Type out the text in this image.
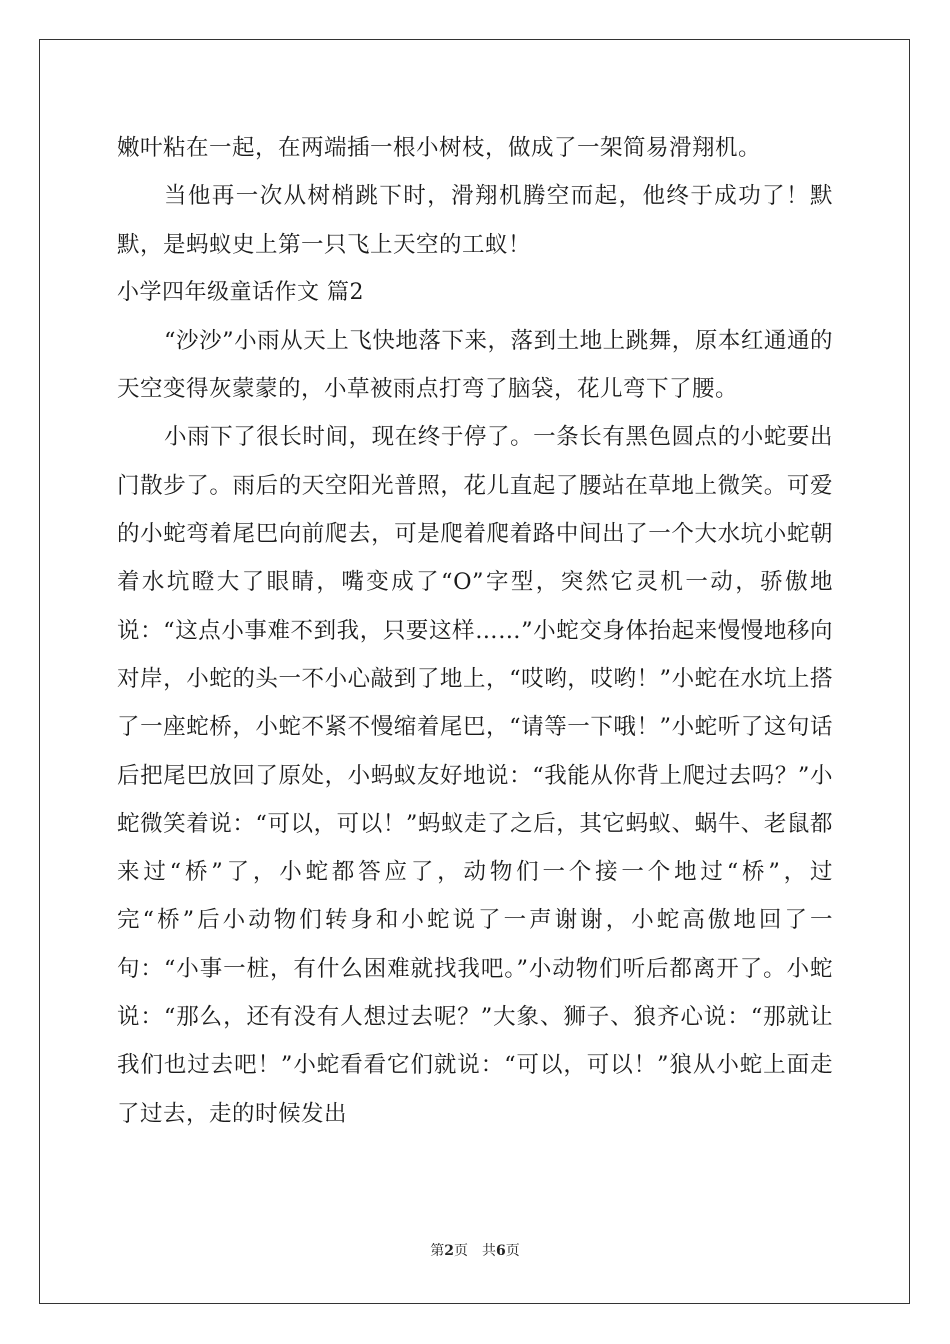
嫩叶粘在一起，在两端插一根小树枝，做成了一架简易滑翔机。

当他再一次从树梢跳下时，滑翔机腾空而起，他终于成功了！默默，是蚂蚁史上第一只飞上天空的工蚁！

小学四年级童话作文 篇2

“沙沙”小雨从天上飞快地落下来，落到土地上跳舞，原本红通通的天空变得灰蒙蒙的，小草被雨点打弯了脑袋，花儿弯下了腰。

小雨下了很长时间，现在终于停了。一条长有黑色圆点的小蛇要出门散步了。雨后的天空阳光普照，花儿直起了腰站在草地上微笑。可爱的小蛇弯着尾巴向前爬去，可是爬着爬着路中间出了一个大水坑小蛇朝着水坑瞪大了眼睛，嘴变成了“O”字型，突然它灵机一动，骄傲地说：“这点小事难不到我，只要这样……”小蛇交身体抬起来慢慢地移向对岸，小蛇的头一不小心敲到了地上，“哎哟，哎哟！”小蛇在水坑上搭了一座蛇桥，小蛇不紧不慢缩着尾巴，“请等一下哦！”小蛇听了这句话后把尾巴放回了原处，小蚂蚁友好地说：“我能从你背上爬过去吗？”小蛇微笑着说：“可以，可以！”蚂蚁走了之后，其它蚂蚁、蜗牛、老鼠都来过“桥”了，小蛇都答应了，动物们一个接一个地过“桥”，过完“桥”后小动物们转身和小蛇说了一声谢谢，小蛇高傲地回了一句：“小事一桩，有什么困难就找我吧。”小动物们听后都离开了。小蛇说：“那么，还有没有人想过去呢？”大象、狮子、狼齐心说：“那就让我们也过去吧！”小蛇看看它们就说：“可以，可以！”狼从小蛇上面走了过去，走的时候发出

第2页 共6页
